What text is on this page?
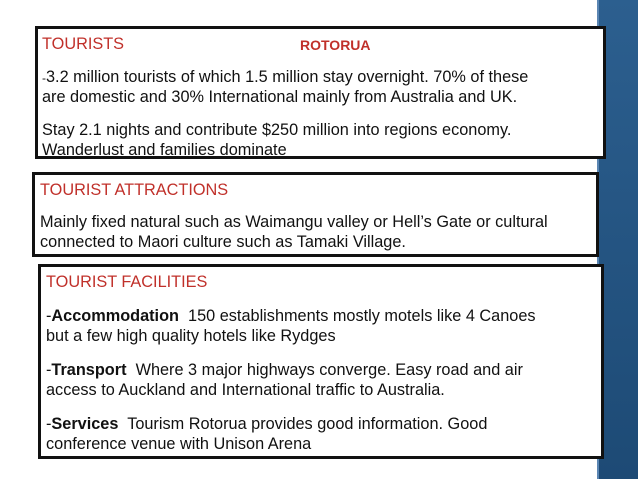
TOURISTS	ROTORUA
-3.2 million tourists of which 1.5 million stay overnight. 70% of these
are domestic and 30% International mainly from Australia and UK.
Stay 2.1 nights and contribute $250 million into regions economy.
Wanderlust and families dominate
TOURIST ATTRACTIONS
Mainly fixed natural such as Waimangu valley or Hell’s Gate or cultural
connected to Maori culture such as Tamaki Village.
TOURIST FACILITIES
-Accommodation 150 establishments mostly motels like 4 Canoes
but a few high quality hotels like Rydges
-Transport Where 3 major highways converge. Easy road and air
access to Auckland and International traffic to Australia.
-Services Tourism Rotorua provides good information. Good
conference venue with Unison Arena
